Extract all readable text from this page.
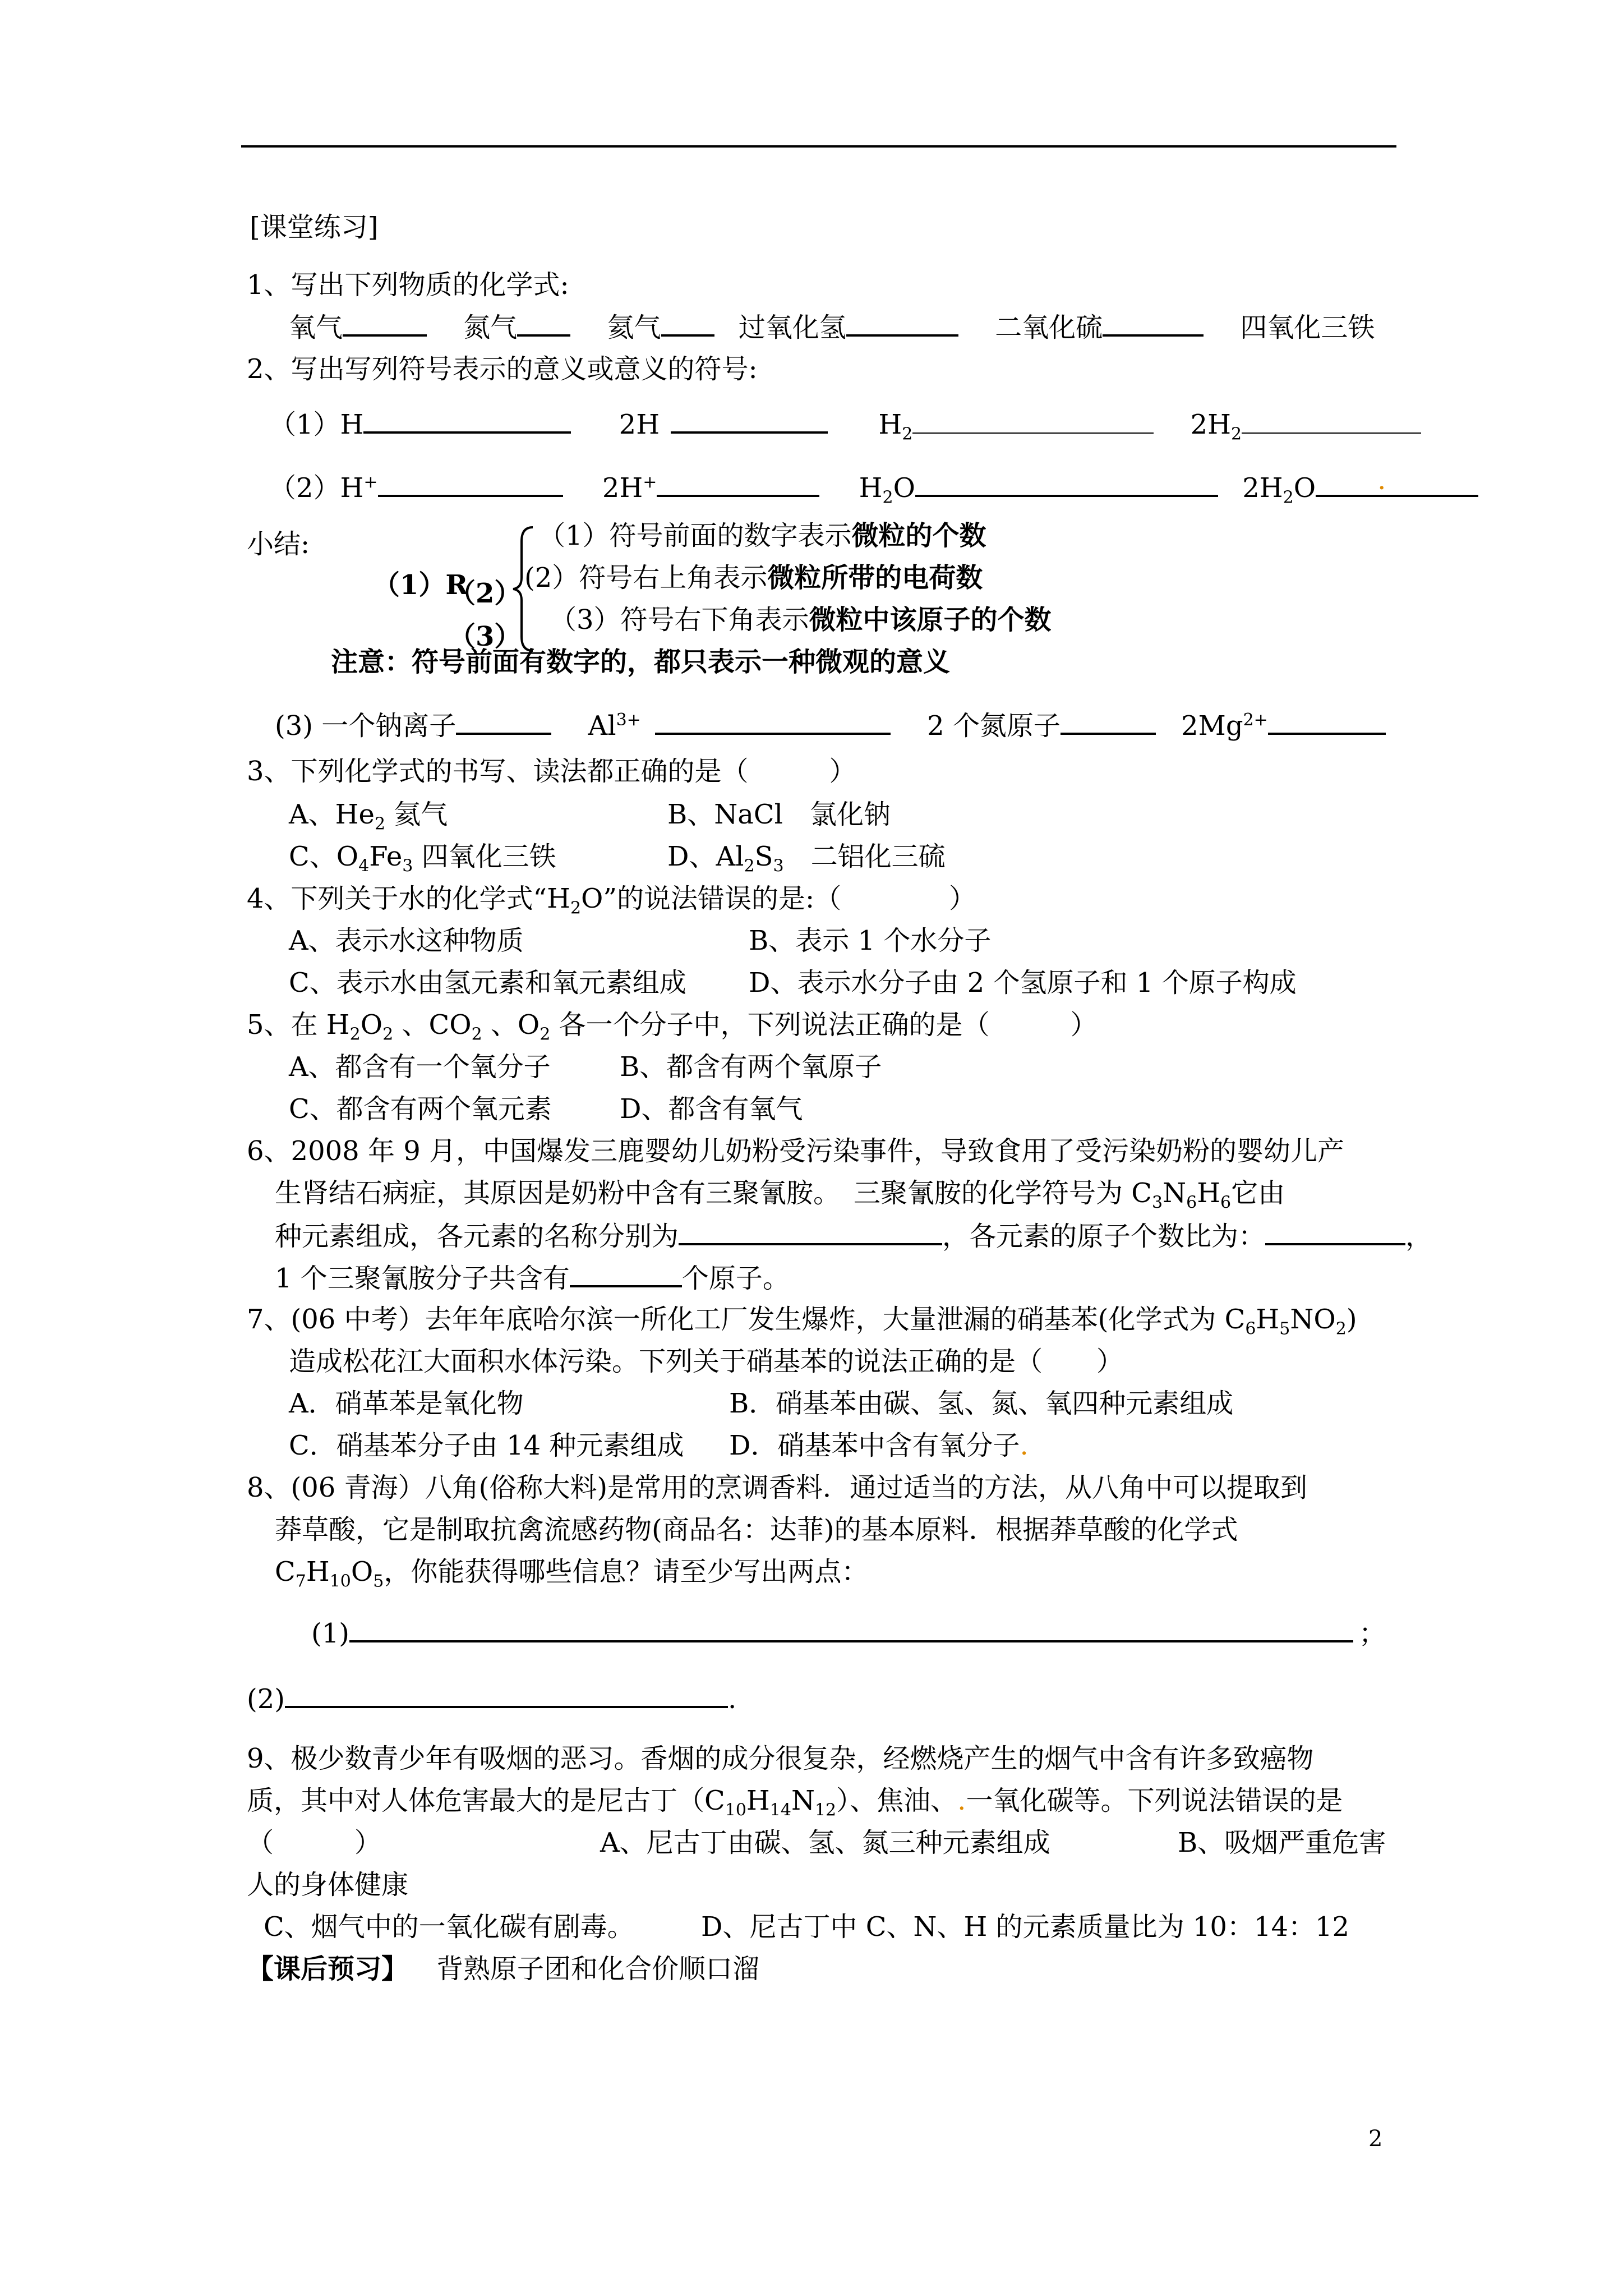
[课堂练习]
1、写出下列物质的化学式:
氧气	氮气	氦气	过氧化氢	二氧化硫	四氧化三铁
2、写出写列符号表示的意义或意义的符号:
（1）H	2H	$H_2$	$2H_2$
（2）H+	2H+	$H_2O$	$2H_2O$ .
小结:
（1）R
（2）
（3）
（1）符号前面的数字表示微粒的个数
(2）符号右上角表示微粒所带的电荷数
（3）符号右下角表示微粒中该原子的个数
注意：符号前面有数字的，都只表示一种微观的意义
(3) 一个钠离子	$Al^{3+}$	2 个氮原子	$2Mg^{2+}$
3、下列化学式的书写、读法都正确的是（　　　）
A、$He_2$ 氦气	B、NaCl　氯化钠
C、$O_4Fe_3$ 四氧化三铁	D、$Al_2S_3$　二铝化三硫
4、下列关于水的化学式“$H_2O$”的说法错误的是:（　　　　）
A、表示水这种物质	B、表示 1 个水分子
C、表示水由氢元素和氧元素组成 D、表示水分子由 2 个氢原子和 1 个原子构成
5、在 $H_2O_2$ 、$CO_2$ 、$O_2$ 各一个分子中，下列说法正确的是（　　　）
A、都含有一个氧分子	B、都含有两个氧原子
C、都含有两个氧元素	D、都含有氧气
6、2008 年 9 月，中国爆发三鹿婴幼儿奶粉受污染事件，导致食用了受污染奶粉的婴幼儿产
生肾结石病症，其原因是奶粉中含有三聚氰胺。　三聚氰胺的化学符号为 $C_3N_6H_6$它由
种元素组成，各元素的名称分别为	，各元素的原子个数比为：	，
1 个三聚氰胺分子共含有	个原子。
7、(06 中考）去年年底哈尔滨一所化工厂发生爆炸，大量泄漏的硝基苯(化学式为 $C_6H_5NO_2$)
造成松花江大面积水体污染。下列关于硝基苯的说法正确的是（　　）
A．硝革苯是氧化物	B．硝基苯由碳、氢、氮、氧四种元素组成
C．硝基苯分子由 14 种元素组成 D．硝基苯中含有氧分子.
8、(06 青海）八角(俗称大料)是常用的烹调香料．通过适当的方法，从八角中可以提取到
莽草酸，它是制取抗禽流感药物(商品名：达菲)的基本原料．根据莽草酸的化学式
$C_7H_{10}O_5$，你能获得哪些信息？请至少写出两点：
(1)	；
(2)	.
9、极少数青少年有吸烟的恶习。香烟的成分很复杂，经燃烧产生的烟气中含有许多致癌物
质，其中对人体危害最大的是尼古丁$(C_{10}H_{14}N_{12})$、焦油、.一氧化碳等。下列说法错误的是
（　　　）	A、尼古丁由碳、氢、氮三种元素组成	B、吸烟严重危害
人的身体健康
C、烟气中的一氧化碳有剧毒。 D、尼古丁中 C、N、H 的元素质量比为 10：14：12
【课后预习】 背熟原子团和化合价顺口溜
2
